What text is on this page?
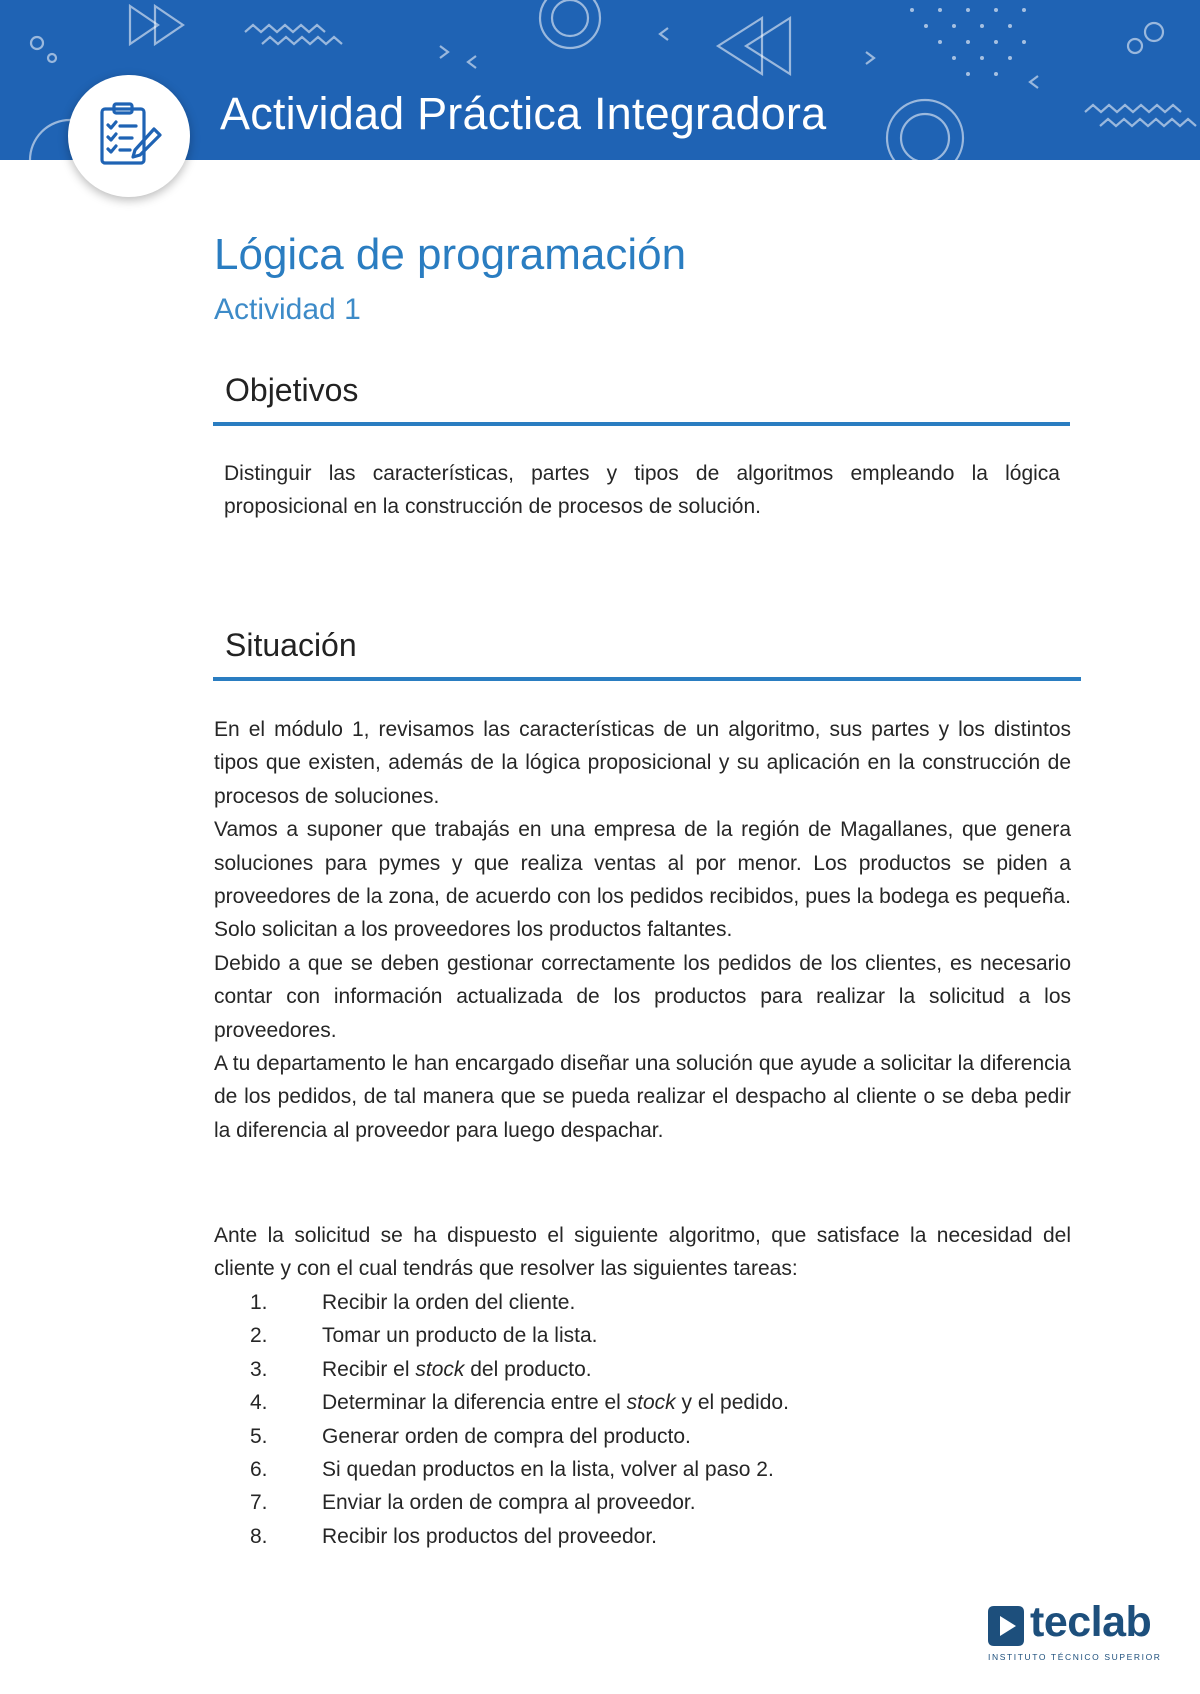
Actividad Práctica Integradora
Lógica de programación
Actividad 1
Objetivos
Distinguir las características, partes y tipos de algoritmos empleando la lógica proposicional en la construcción de procesos de solución.
Situación

En el módulo 1, revisamos las características de un algoritmo, sus partes y los distintos tipos que existen, además de la lógica proposicional y su aplicación en la construcción de procesos de soluciones.

Vamos a suponer que trabajás en una empresa de la región de Magallanes, que genera soluciones para pymes y que realiza ventas al por menor. Los productos se piden a proveedores de la zona, de acuerdo con los pedidos recibidos, pues la bodega es pequeña. Solo solicitan a los proveedores los productos faltantes.

Debido a que se deben gestionar correctamente los pedidos de los clientes, es necesario contar con información actualizada de los productos para realizar la solicitud a los proveedores.

A tu departamento le han encargado diseñar una solución que ayude a solicitar la diferencia de los pedidos, de tal manera que se pueda realizar el despacho al cliente o se deba pedir la diferencia al proveedor para luego despachar.

Ante la solicitud se ha dispuesto el siguiente algoritmo, que satisface la necesidad del cliente y con el cual tendrás que resolver las siguientes tareas:
1.	Recibir la orden del cliente.
2.	Tomar un producto de la lista.
3.	Recibir el stock del producto.
4.	Determinar la diferencia entre el stock y el pedido.
5.	Generar orden de compra del producto.
6.	Si quedan productos en la lista, volver al paso 2.
7.	Enviar la orden de compra al proveedor.
8.	Recibir los productos del proveedor.
teclab
INSTITUTO TÉCNICO SUPERIOR
